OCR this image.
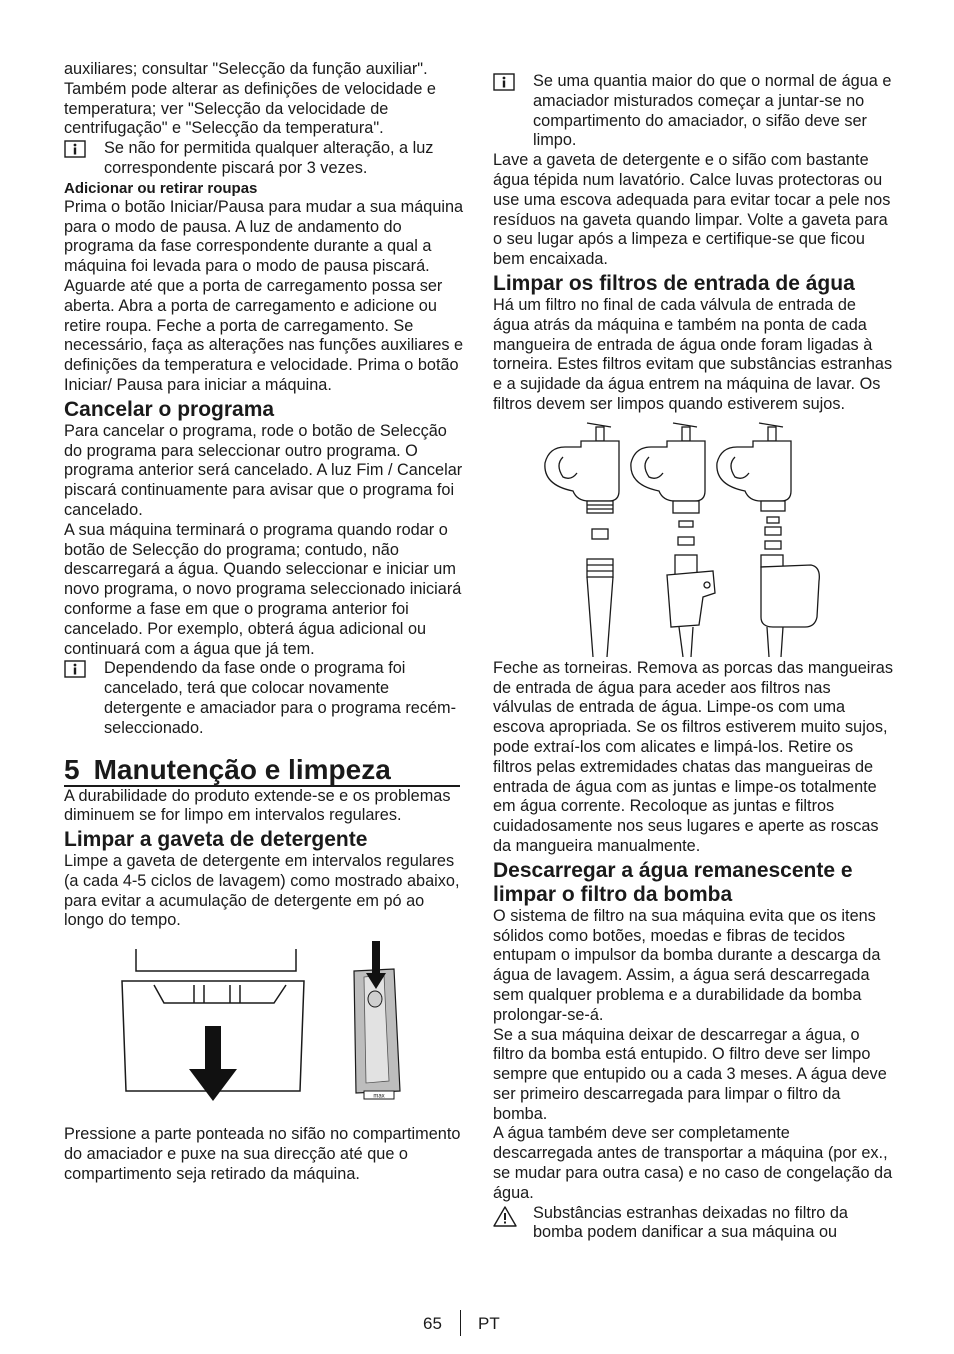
auxiliares; consultar "Selecção da função auxiliar". Também pode alterar as definições de velocidade e temperatura; ver "Selecção da velocidade de centrifugação" e "Selecção da temperatura".

Se não for permitida qualquer alteração, a luz correspondente piscará por 3 vezes.

Adicionar ou retirar roupas

Prima o botão Iniciar/Pausa para mudar a sua máquina para o modo de pausa. A luz de andamento do programa da fase correspondente durante a qual a máquina foi levada para o modo de pausa piscará. Aguarde até que a porta de carregamento possa ser aberta. Abra a porta de carregamento e adicione ou retire roupa. Feche a porta de carregamento. Se necessário, faça as alterações nas funções auxiliares e definições da temperatura e velocidade. Prima o botão Iniciar/ Pausa para iniciar a máquina.

Cancelar o programa

Para cancelar o programa, rode o botão de Selecção do programa para seleccionar outro programa. O programa anterior será cancelado. A luz Fim / Cancelar piscará continuamente para avisar que o programa foi cancelado.

A sua máquina terminará o programa quando rodar o botão de Selecção do programa; contudo, não descarregará a água. Quando seleccionar e iniciar um novo programa, o novo programa seleccionado iniciará conforme a fase em que o programa anterior foi cancelado. Por exemplo, obterá água adicional ou continuará com a água que já tem.

Dependendo da fase onde o programa foi cancelado, terá que colocar novamente detergente e amaciador para o programa recém-seleccionado.

5 Manutenção e limpeza

A durabilidade do produto extende-se e os problemas diminuem se for limpo em intervalos regulares.

Limpar a gaveta de detergente

Limpe a gaveta de detergente em intervalos regulares (a cada 4-5 ciclos de lavagem) como mostrado abaixo, para evitar a acumulação de detergente em pó ao longo do tempo.

max

Pressione a parte ponteada no sifão no compartimento do amaciador e puxe na sua direcção até que o compartimento seja retirado da máquina.

Se uma quantia maior do que o normal de água e amaciador misturados começar a juntar-se no compartimento do amaciador, o sifão deve ser limpo.

Lave a gaveta de detergente e o sifão com bastante água tépida num lavatório. Calce luvas protectoras ou use uma escova adequada para evitar tocar a pele nos resíduos na gaveta quando limpar. Volte a gaveta para o seu lugar após a limpeza e certifique-se que ficou bem encaixada.

Limpar os filtros de entrada de água

Há um filtro no final de cada válvula de entrada de água atrás da máquina e também na ponta de cada mangueira de entrada de água onde foram ligadas à torneira. Estes filtros evitam que substâncias estranhas e a sujidade da água entrem na máquina de lavar. Os filtros devem ser limpos quando estiverem sujos.

Feche as torneiras. Remova as porcas das mangueiras de entrada de água para aceder aos filtros nas válvulas de entrada de água. Limpe-os com uma escova apropriada. Se os filtros estiverem muito sujos, pode extraí-los com alicates e limpá-los. Retire os filtros pelas extremidades chatas das mangueiras de entrada de água com as juntas e limpe-os totalmente em água corrente. Recoloque as juntas e filtros cuidadosamente nos seus lugares e aperte as roscas da mangueira manualmente.

Descarregar a água remanescente e limpar o filtro da bomba

O sistema de filtro na sua máquina evita que os itens sólidos como botões, moedas e fibras de tecidos entupam o impulsor da bomba durante a descarga da água de lavagem. Assim, a água será descarregada sem qualquer problema e a durabilidade da bomba prolongar-se-á.

Se a sua máquina deixar de descarregar a água, o filtro da bomba está entupido. O filtro deve ser limpo sempre que entupido ou a cada 3 meses. A água deve ser primeiro descarregada para limpar o filtro da bomba.

A água também deve ser completamente descarregada antes de transportar a máquina (por ex., se mudar para outra casa) e no caso de congelação da água.

Substâncias estranhas deixadas no filtro da bomba podem danificar a sua máquina ou

65 PT
